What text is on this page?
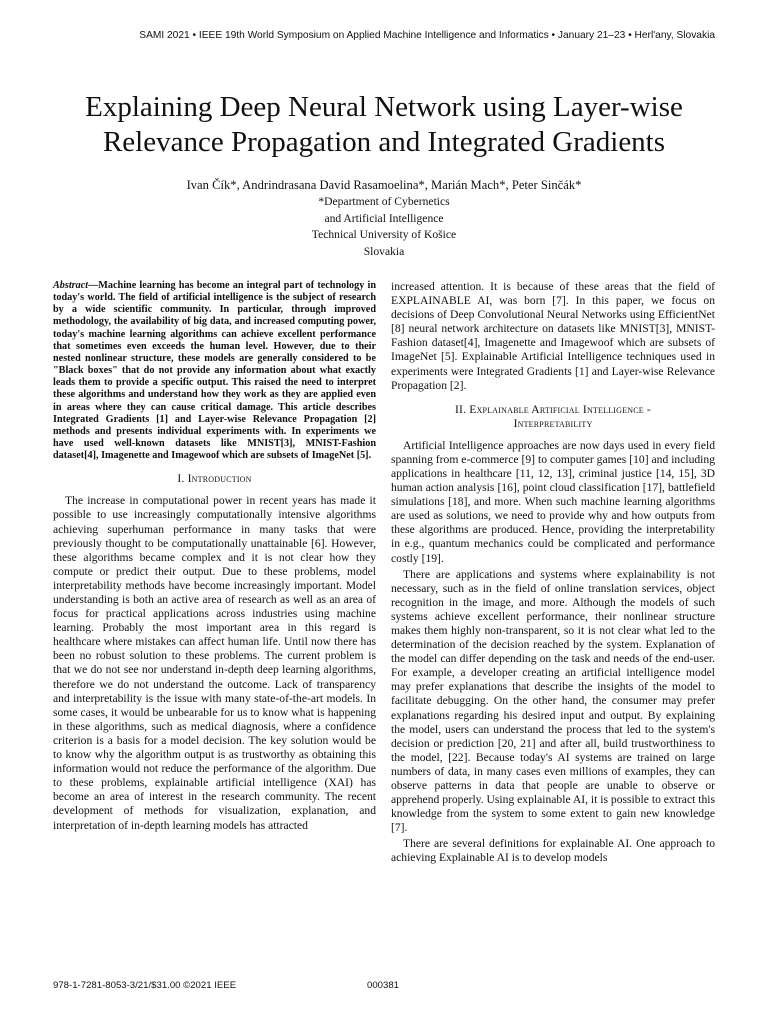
SAMI 2021 • IEEE 19th World Symposium on Applied Machine Intelligence and Informatics • January 21–23 • Herl'any, Slovakia
Explaining Deep Neural Network using Layer-wise
Relevance Propagation and Integrated Gradients
Ivan Čík*, Andrindrasana David Rasamoelina*, Marián Mach*, Peter Sinčák*
*Department of Cybernetics
and Artificial Intelligence
Technical University of Košice
Slovakia

Abstract—Machine learning has become an integral part of technology in today's world. The field of artificial intelligence is the subject of research by a wide scientific community. In particular, through improved methodology, the availability of big data, and increased computing power, today's machine learning algorithms can achieve excellent performance that sometimes even exceeds the human level. However, due to their nested nonlinear structure, these models are generally considered to be "Black boxes" that do not provide any information about what exactly leads them to provide a specific output. This raised the need to interpret these algorithms and understand how they work as they are applied even in areas where they can cause critical damage. This article describes Integrated Gradients [1] and Layer-wise Relevance Propagation [2] methods and presents individual experiments with. In experiments we have used well-known datasets like MNIST[3], MNIST-Fashion dataset[4], Imagenette and Imagewoof which are subsets of ImageNet [5].

I. Introduction

The increase in computational power in recent years has made it possible to use increasingly computationally intensive algorithms achieving superhuman performance in many tasks that were previously thought to be computationally unattainable [6]. However, these algorithms became complex and it is not clear how they compute or predict their output. Due to these problems, model interpretability methods have become increasingly important. Model understanding is both an active area of research as well as an area of focus for practical applications across industries using machine learning. Probably the most important area in this regard is healthcare where mistakes can affect human life. Until now there has been no robust solution to these problems. The current problem is that we do not see nor understand in-depth deep learning algorithms, therefore we do not understand the outcome. Lack of transparency and interpretability is the issue with many state-of-the-art models. In some cases, it would be unbearable for us to know what is happening in these algorithms, such as medical diagnosis, where a confidence criterion is a basis for a model decision. The key solution would be to know why the algorithm output is as trustworthy as obtaining this information would not reduce the performance of the algorithm. Due to these problems, explainable artificial intelligence (XAI) has become an area of interest in the research community. The recent development of methods for visualization, explanation, and interpretation of in-depth learning models has attracted

increased attention. It is because of these areas that the field of EXPLAINABLE AI, was born [7]. In this paper, we focus on decisions of Deep Convolutional Neural Networks using EfficientNet [8] neural network architecture on datasets like MNIST[3], MNIST-Fashion dataset[4], Imagenette and Imagewoof which are subsets of ImageNet [5]. Explainable Artificial Intelligence techniques used in experiments were Integrated Gradients [1] and Layer-wise Relevance Propagation [2].

II. Explainable Artificial Intelligence -
Interpretability

Artificial Intelligence approaches are now days used in every field spanning from e-commerce [9] to computer games [10] and including applications in healthcare [11, 12, 13], criminal justice [14, 15], 3D human action analysis [16], point cloud classification [17], battlefield simulations [18], and more. When such machine learning algorithms are used as solutions, we need to provide why and how outputs from these algorithms are produced. Hence, providing the interpretability in e.g., quantum mechanics could be complicated and performance costly [19].

There are applications and systems where explainability is not necessary, such as in the field of online translation services, object recognition in the image, and more. Although the models of such systems achieve excellent performance, their nonlinear structure makes them highly non-transparent, so it is not clear what led to the determination of the decision reached by the system. Explanation of the model can differ depending on the task and needs of the end-user. For example, a developer creating an artificial intelligence model may prefer explanations that describe the insights of the model to facilitate debugging. On the other hand, the consumer may prefer explanations regarding his desired input and output. By explaining the model, users can understand the process that led to the system's decision or prediction [20, 21] and after all, build trustworthiness to the model, [22]. Because today's AI systems are trained on large numbers of data, in many cases even millions of examples, they can observe patterns in data that people are unable to observe or apprehend properly. Using explainable AI, it is possible to extract this knowledge from the system to some extent to gain new knowledge [7].

There are several definitions for explainable AI. One approach to achieving Explainable AI is to develop models

978-1-7281-8053-3/21/$31.00 ©2021 IEEE	000381
